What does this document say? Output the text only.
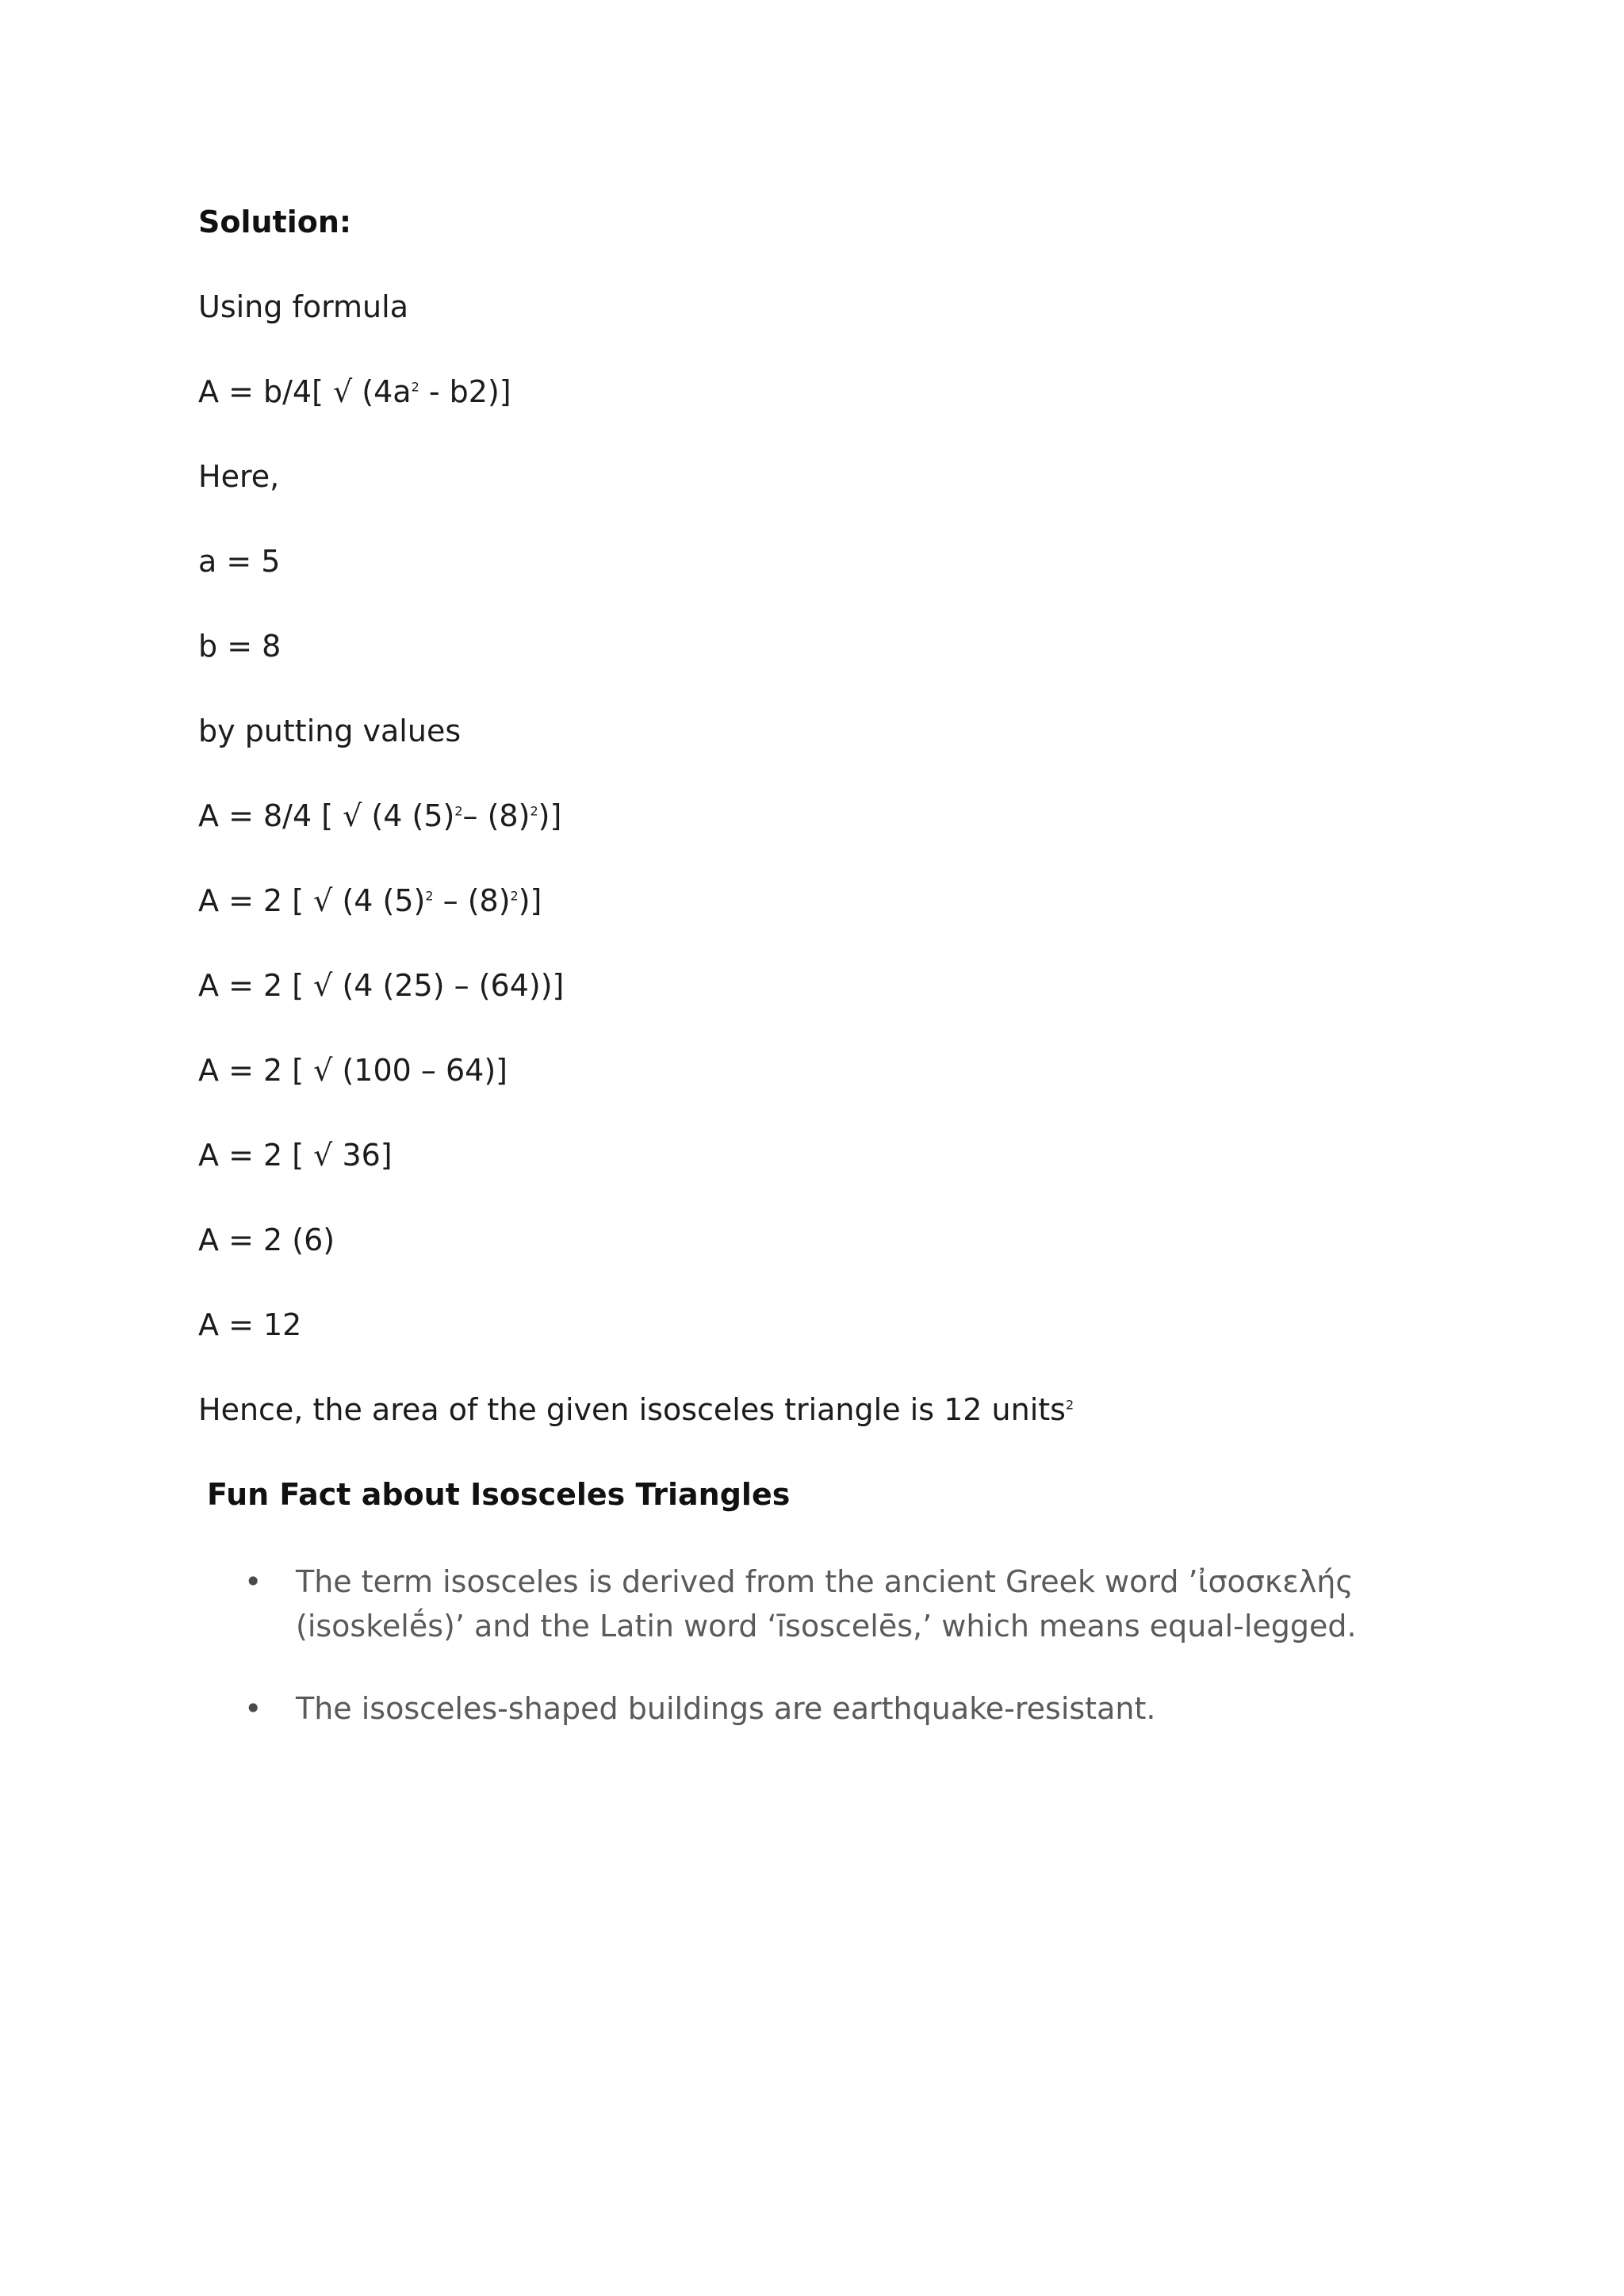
Solution:
Using formula
A = b/4[ √ $(4a^2 - b2)$]
Here,
a = 5
b = 8
by putting values
A = 8/4 [ √ (4 $(5)^2-$ $(8)^2$)]
A = 2 [ √ (4 $(5)^2 - (8)^2$)]
A = 2 [ √ (4 (25) – (64))]
A = 2 [ √ (100 – 64)]
A = 2 [ √ 36]
A = 2 (6)
A = 12
Hence, the area of the given isosceles triangle is 12 units$^2$
Fun Fact about Isosceles Triangles
• The term isosceles is derived from the ancient Greek word ’ἰσοσκελής
(isoskelḗs)’ and the Latin word ‘īsoscelēs,’ which means equal-legged.
• The isosceles-shaped buildings are earthquake-resistant.
